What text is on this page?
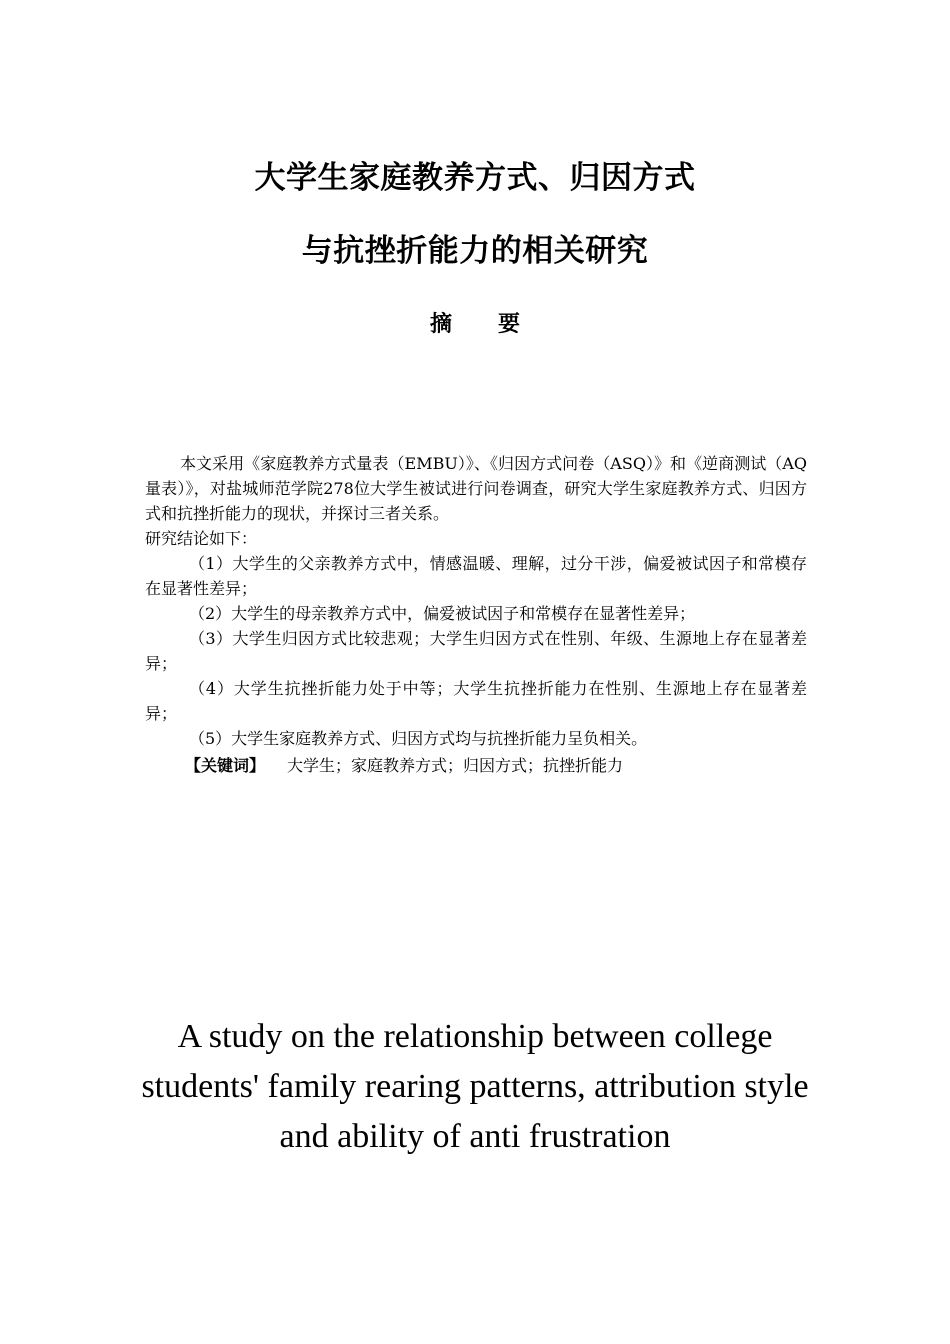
大学生家庭教养方式、归因方式
与抗挫折能力的相关研究
摘 要

本文采用《家庭教养方式量表（EMBU）》、《归因方式问卷（ASQ）》和《逆商测试（AQ量表）》，对盐城师范学院278位大学生被试进行问卷调查，研究大学生家庭教养方式、归因方式和抗挫折能力的现状，并探讨三者关系。

研究结论如下：

（1）大学生的父亲教养方式中，情感温暖、理解，过分干涉，偏爱被试因子和常模存在显著性差异；

（2）大学生的母亲教养方式中，偏爱被试因子和常模存在显著性差异；

（3）大学生归因方式比较悲观；大学生归因方式在性别、年级、生源地上存在显著差异；

（4）大学生抗挫折能力处于中等；大学生抗挫折能力在性别、生源地上存在显著差异；

（5）大学生家庭教养方式、归因方式均与抗挫折能力呈负相关。

【关键词】 大学生；家庭教养方式；归因方式；抗挫折能力

A study on the relationship between college students' family rearing patterns, attribution style and ability of anti frustration
